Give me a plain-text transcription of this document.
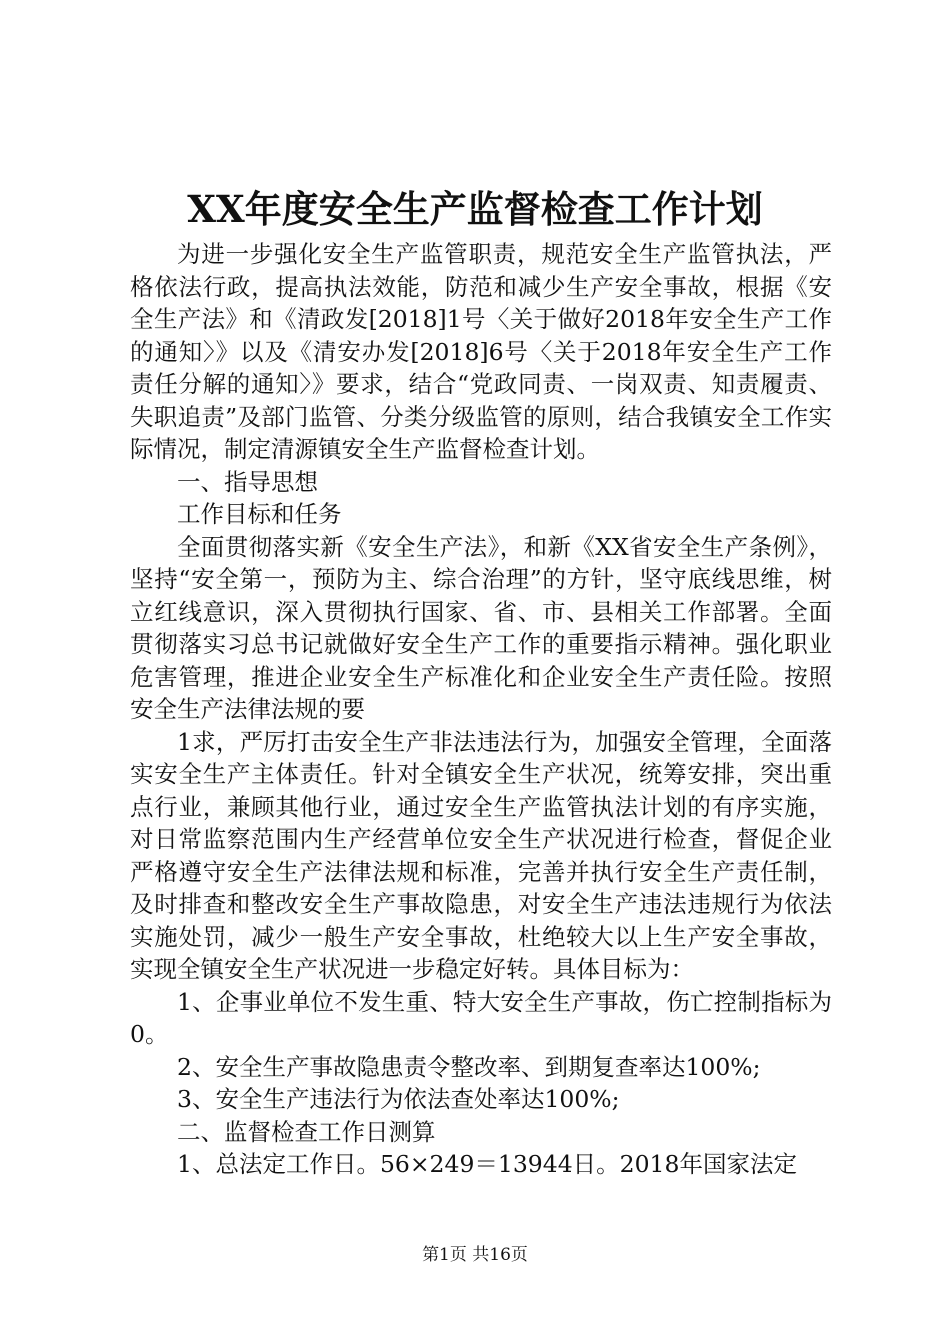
XX年度安全生产监督检查工作计划

为进一步强化安全生产监管职责，规范安全生产监管执法，严格依法行政，提高执法效能，防范和减少生产安全事故，根据《安全生产法》和《清政发[2018]1号〈关于做好2018年安全生产工作的通知〉》以及《清安办发[2018]6号〈关于2018年安全生产工作责任分解的通知〉》要求，结合“党政同责、一岗双责、知责履责、失职追责”及部门监管、分类分级监管的原则，结合我镇安全工作实际情况，制定清源镇安全生产监督检查计划。

一、指导思想

工作目标和任务

全面贯彻落实新《安全生产法》，和新《XX省安全生产条例》，坚持“安全第一，预防为主、综合治理”的方针，坚守底线思维，树立红线意识，深入贯彻执行国家、省、市、县相关工作部署。全面贯彻落实习总书记就做好安全生产工作的重要指示精神。强化职业危害管理，推进企业安全生产标准化和企业安全生产责任险。按照安全生产法律法规的要

1求，严厉打击安全生产非法违法行为，加强安全管理，全面落实安全生产主体责任。针对全镇安全生产状况，统筹安排，突出重点行业，兼顾其他行业，通过安全生产监管执法计划的有序实施，对日常监察范围内生产经营单位安全生产状况进行检查，督促企业严格遵守安全生产法律法规和标准，完善并执行安全生产责任制，及时排查和整改安全生产事故隐患，对安全生产违法违规行为依法实施处罚，减少一般生产安全事故，杜绝较大以上生产安全事故，实现全镇安全生产状况进一步稳定好转。具体目标为：

1、企事业单位不发生重、特大安全生产事故，伤亡控制指标为0。

2、安全生产事故隐患责令整改率、到期复查率达100%;

3、安全生产违法行为依法查处率达100%;

二、监督检查工作日测算

1、总法定工作日。56×249＝13944日。2018年国家法定

第1页 共16页
